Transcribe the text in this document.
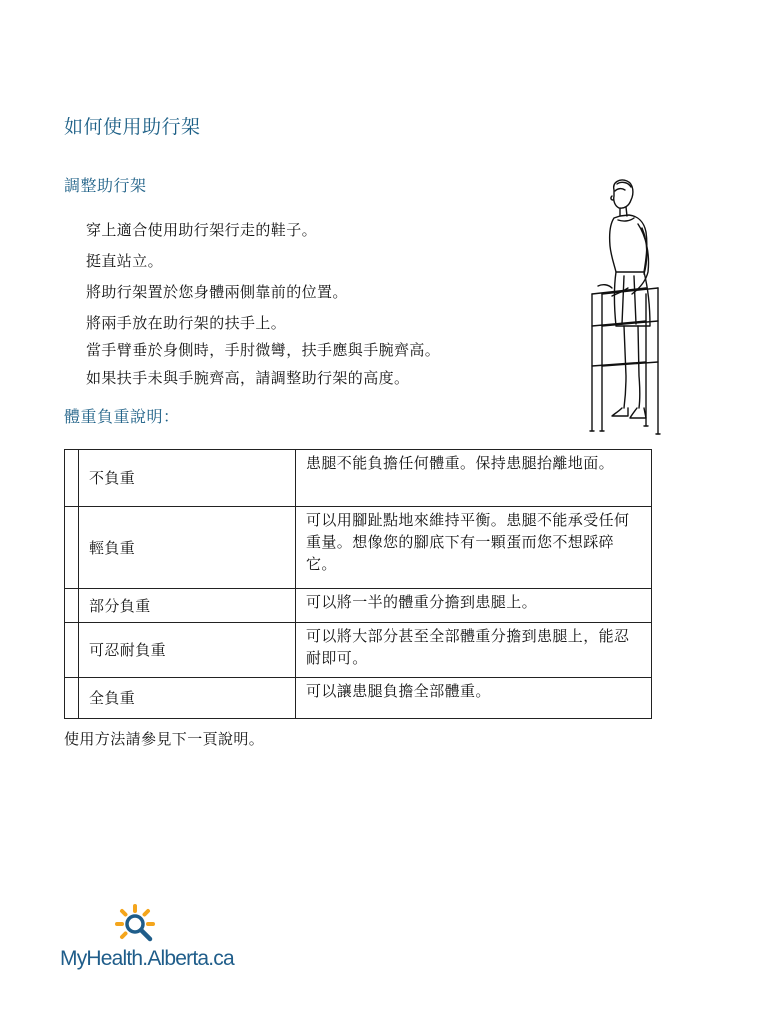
如何使用助行架
調整助行架
穿上適合使用助行架行走的鞋子。
挺直站立。
將助行架置於您身體兩側靠前的位置。
將兩手放在助行架的扶手上。
當手臂垂於身側時，手肘微彎，扶手應與手腕齊高。
如果扶手未與手腕齊高，請調整助行架的高度。
體重負重說明：
	不負重	患腿不能負擔任何體重。保持患腿抬離地面。
	輕負重	可以用腳趾點地來維持平衡。患腿不能承受任何重量。想像您的腳底下有一顆蛋而您不想踩碎它。
	部分負重	可以將一半的體重分擔到患腿上。
	可忍耐負重	可以將大部分甚至全部體重分擔到患腿上，能忍耐即可。
	全負重	可以讓患腿負擔全部體重。
使用方法請參見下一頁說明。
MyHealth.Alberta.ca
